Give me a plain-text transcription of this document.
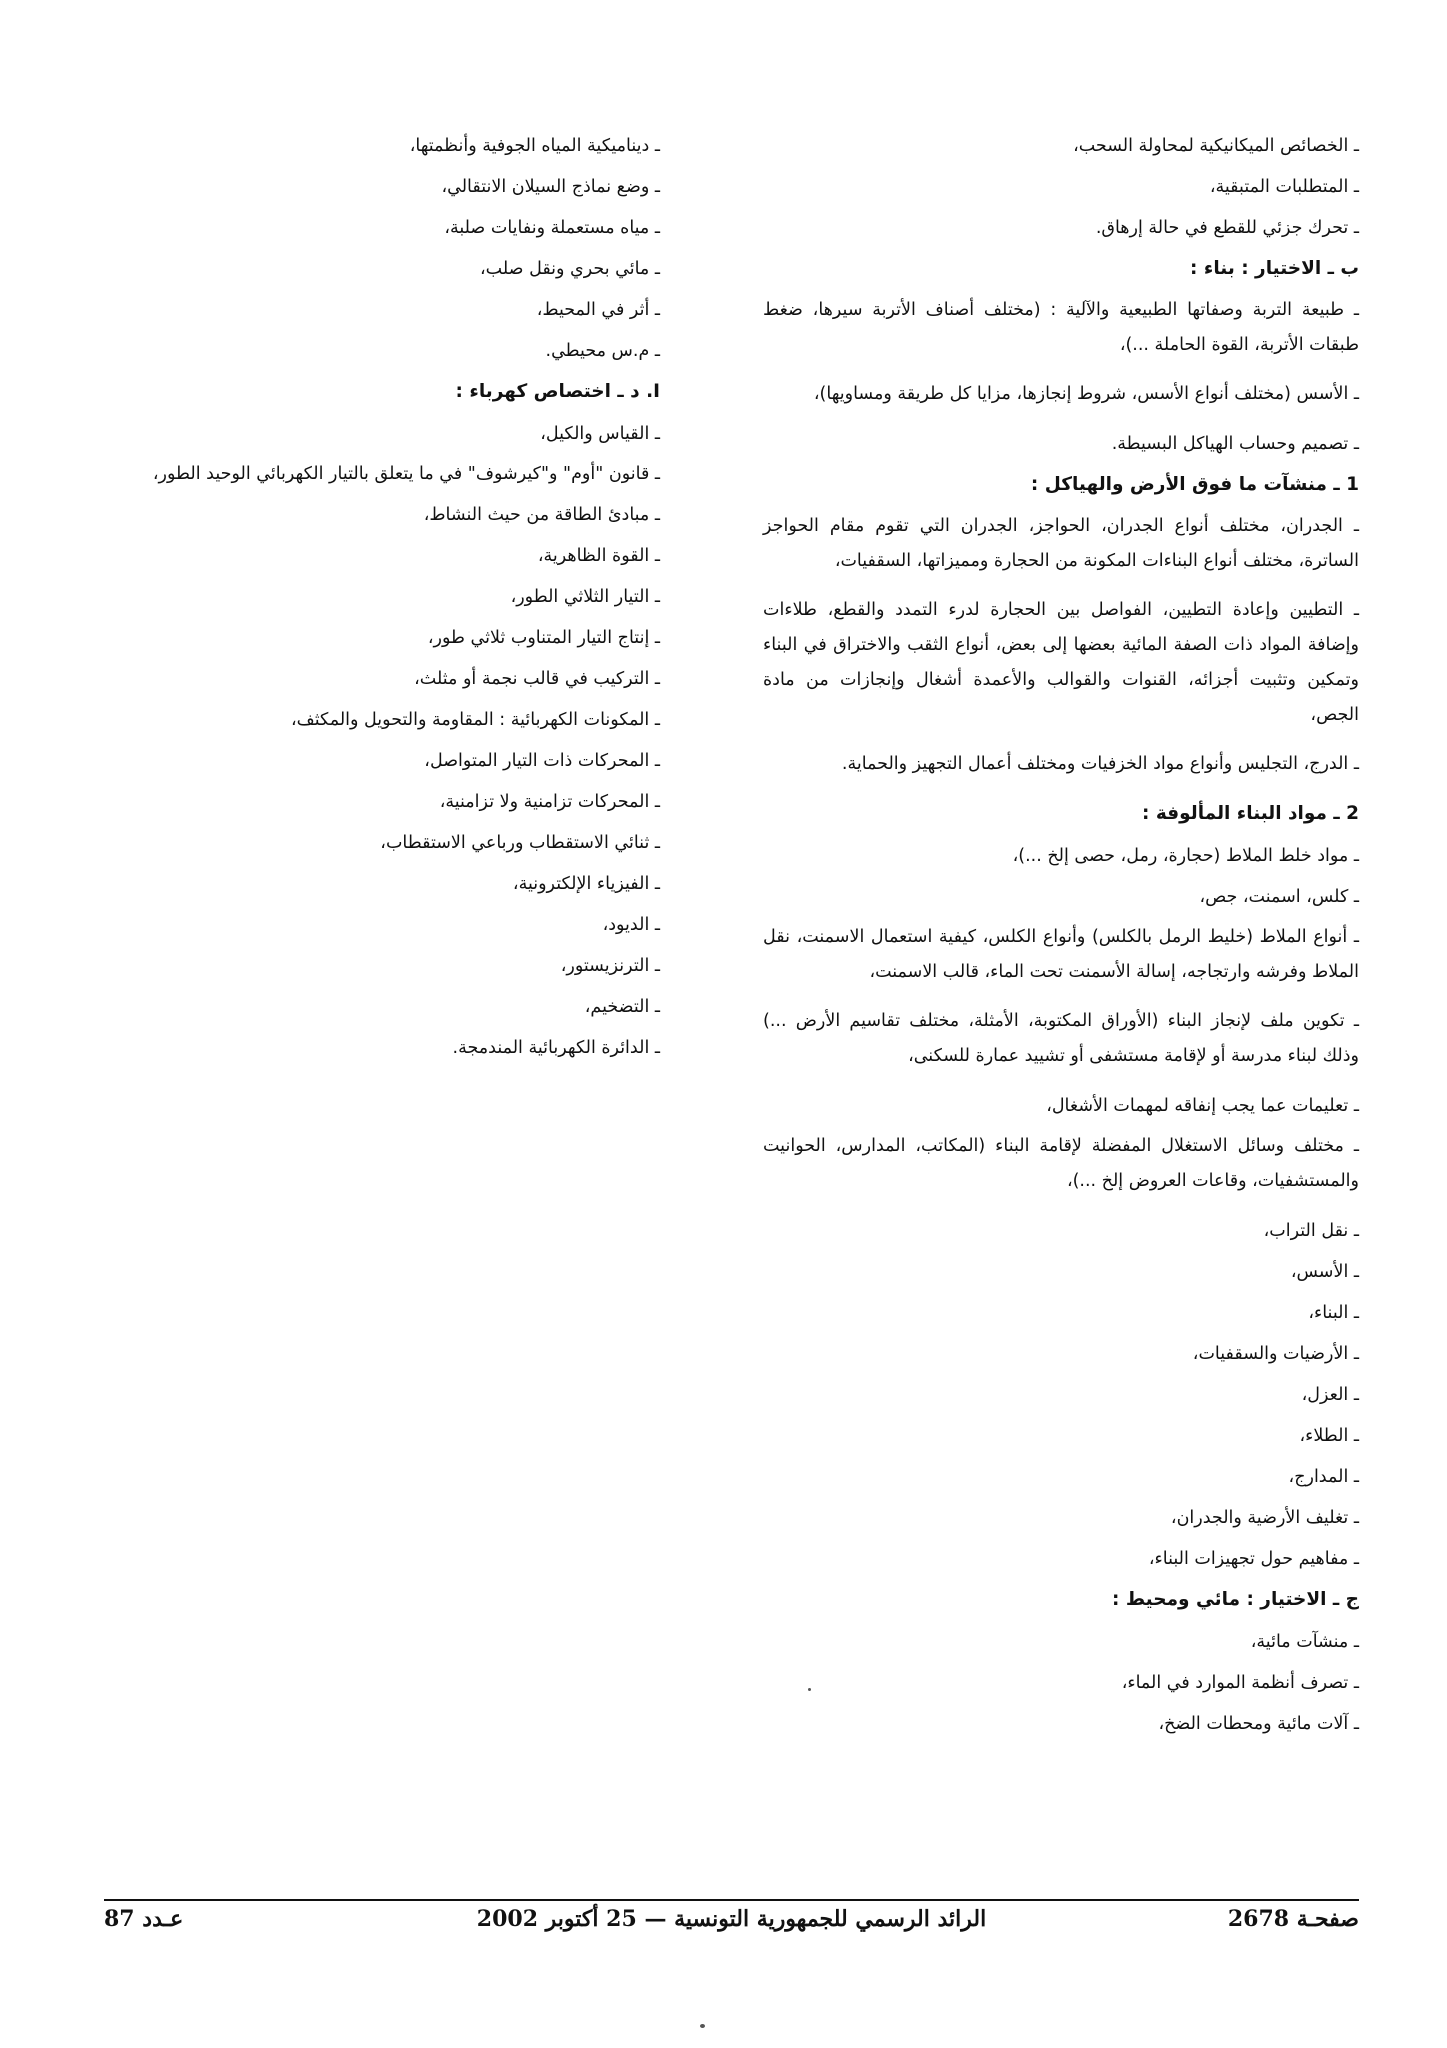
ـ الخصائص الميكانيكية لمحاولة السحب،

ـ المتطلبات المتبقية،

ـ تحرك جزئي للقطع في حالة إرهاق.

ب ـ الاختيار : بناء :

ـ طبيعة التربة وصفاتها الطبيعية والآلية : (مختلف أصناف الأتربة سيرها، ضغط طبقات الأتربة، القوة الحاملة ...)،

ـ الأسس (مختلف أنواع الأسس، شروط إنجازها، مزايا كل طريقة ومساويها)،

ـ تصميم وحساب الهياكل البسيطة.

1 ـ منشآت ما فوق الأرض والهياكل :

ـ الجدران، مختلف أنواع الجدران، الحواجز، الجدران التي تقوم مقام الحواجز الساترة، مختلف أنواع البناءات المكونة من الحجارة ومميزاتها، السقفيات،

ـ التطيين وإعادة التطيين، الفواصل بين الحجارة لدرء التمدد والقطع، طلاءات وإضافة المواد ذات الصفة المائية بعضها إلى بعض، أنواع الثقب والاختراق في البناء وتمكين وتثبيت أجزائه، القنوات والقوالب والأعمدة أشغال وإنجازات من مادة الجص،

ـ الدرج، التجليس وأنواع مواد الخزفيات ومختلف أعمال التجهيز والحماية.

2 ـ مواد البناء المألوفة :

ـ مواد خلط الملاط (حجارة، رمل، حصى إلخ ...)،

ـ كلس، اسمنت، جص،

ـ أنواع الملاط (خليط الرمل بالكلس) وأنواع الكلس، كيفية استعمال الاسمنت، نقل الملاط وفرشه وارتجاجه، إسالة الأسمنت تحت الماء، قالب الاسمنت،

ـ تكوين ملف لإنجاز البناء (الأوراق المكتوبة، الأمثلة، مختلف تقاسيم الأرض ...) وذلك لبناء مدرسة أو لإقامة مستشفى أو تشييد عمارة للسكنى،

ـ تعليمات عما يجب إنفاقه لمهمات الأشغال،

ـ مختلف وسائل الاستغلال المفضلة لإقامة البناء (المكاتب، المدارس، الحوانيت والمستشفيات، وقاعات العروض إلخ ...)،

ـ نقل التراب،

ـ الأسس،

ـ البناء،

ـ الأرضيات والسقفيات،

ـ العزل،

ـ الطلاء،

ـ المدارج،

ـ تغليف الأرضية والجدران،

ـ مفاهيم حول تجهيزات البناء،

ج ـ الاختيار : مائي ومحيط :

ـ منشآت مائية،

ـ تصرف أنظمة الموارد في الماء،

ـ آلات مائية ومحطات الضخ،

ـ ديناميكية المياه الجوفية وأنظمتها،

ـ وضع نماذج السيلان الانتقالي،

ـ مياه مستعملة ونفايات صلبة،

ـ مائي بحري ونقل صلب،

ـ أثر في المحيط،

ـ م.س محيطي.

I. د ـ اختصاص كهرباء :

ـ القياس والكيل،

ـ قانون "أوم" و"كيرشوف" في ما يتعلق بالتيار الكهربائي الوحيد الطور،

ـ مبادئ الطاقة من حيث النشاط،

ـ القوة الظاهرية،

ـ التيار الثلاثي الطور،

ـ إنتاج التيار المتناوب ثلاثي طور،

ـ التركيب في قالب نجمة أو مثلث،

ـ المكونات الكهربائية : المقاومة والتحويل والمكثف،

ـ المحركات ذات التيار المتواصل،

ـ المحركات تزامنية ولا تزامنية،

ـ ثنائي الاستقطاب ورباعي الاستقطاب،

ـ الفيزياء الإلكترونية،

ـ الديود،

ـ الترنزيستور،

ـ التضخيم،

ـ الدائرة الكهربائية المندمجة.

صفحـة 2678
الرائد الرسمي للجمهورية التونسية — 25 أكتوبر 2002
عـدد 87
